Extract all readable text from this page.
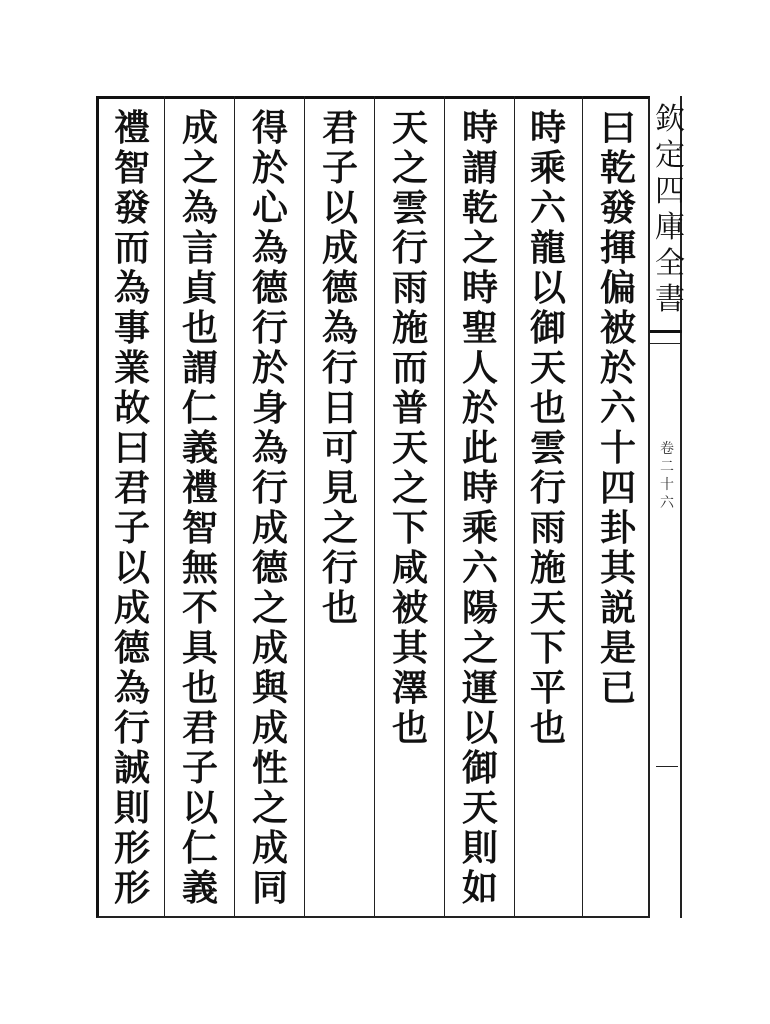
欽
定
四
庫
全
書
卷
二
十
六
曰
乾
發
揮
偏
被
於
六
十
四
卦
其
説
是
已
時
乘
六
龍
以
御
天
也
雲
行
雨
施
天
下
平
也
時
謂
乾
之
時
聖
人
於
此
時
乘
六
陽
之
運
以
御
天
則
如
天
之
雲
行
雨
施
而
普
天
之
下
咸
被
其
澤
也
君
子
以
成
德
為
行
日
可
見
之
行
也
得
於
心
為
德
行
於
身
為
行
成
德
之
成
與
成
性
之
成
同
成
之
為
言
貞
也
謂
仁
義
禮
智
無
不
具
也
君
子
以
仁
義
禮
智
發
而
為
事
業
故
曰
君
子
以
成
德
為
行
誠
則
形
形
